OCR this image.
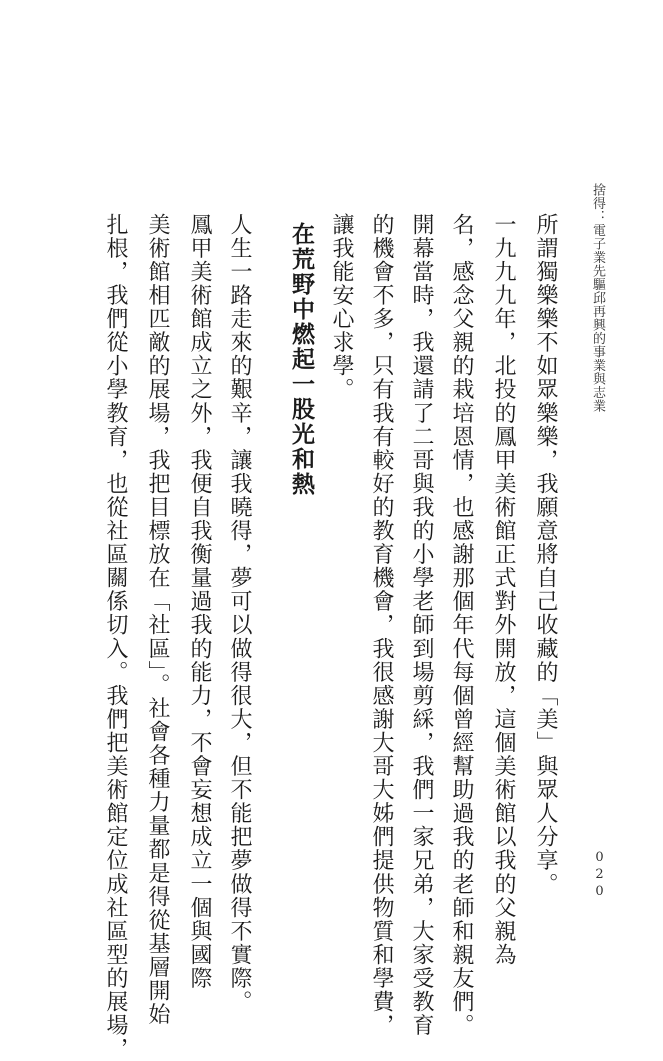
捨得：電子業先驅邱再興的事業與志業
所謂獨樂樂不如眾樂樂，我願意將自己收藏的「美」與眾人分享。
一九九九年，北投的鳳甲美術館正式對外開放，這個美術館以我的父親為
名，感念父親的栽培恩情，也感謝那個年代每個曾經幫助過我的老師和親友們。
開幕當時，我還請了二哥與我的小學老師到場剪綵，我們一家兄弟，大家受教育
的機會不多，只有我有較好的教育機會，我很感謝大哥大姊們提供物質和學費，
讓我能安心求學。
在荒野中燃起一股光和熱
人生一路走來的艱辛，讓我曉得，夢可以做得很大，但不能把夢做得不實際。
鳳甲美術館成立之外，我便自我衡量過我的能力，不會妄想成立一個與國際
美術館相匹敵的展場，我把目標放在「社區」。社會各種力量都是得從基層開始
扎根，我們從小學教育，也從社區關係切入。我們把美術館定位成社區型的展場，	020
